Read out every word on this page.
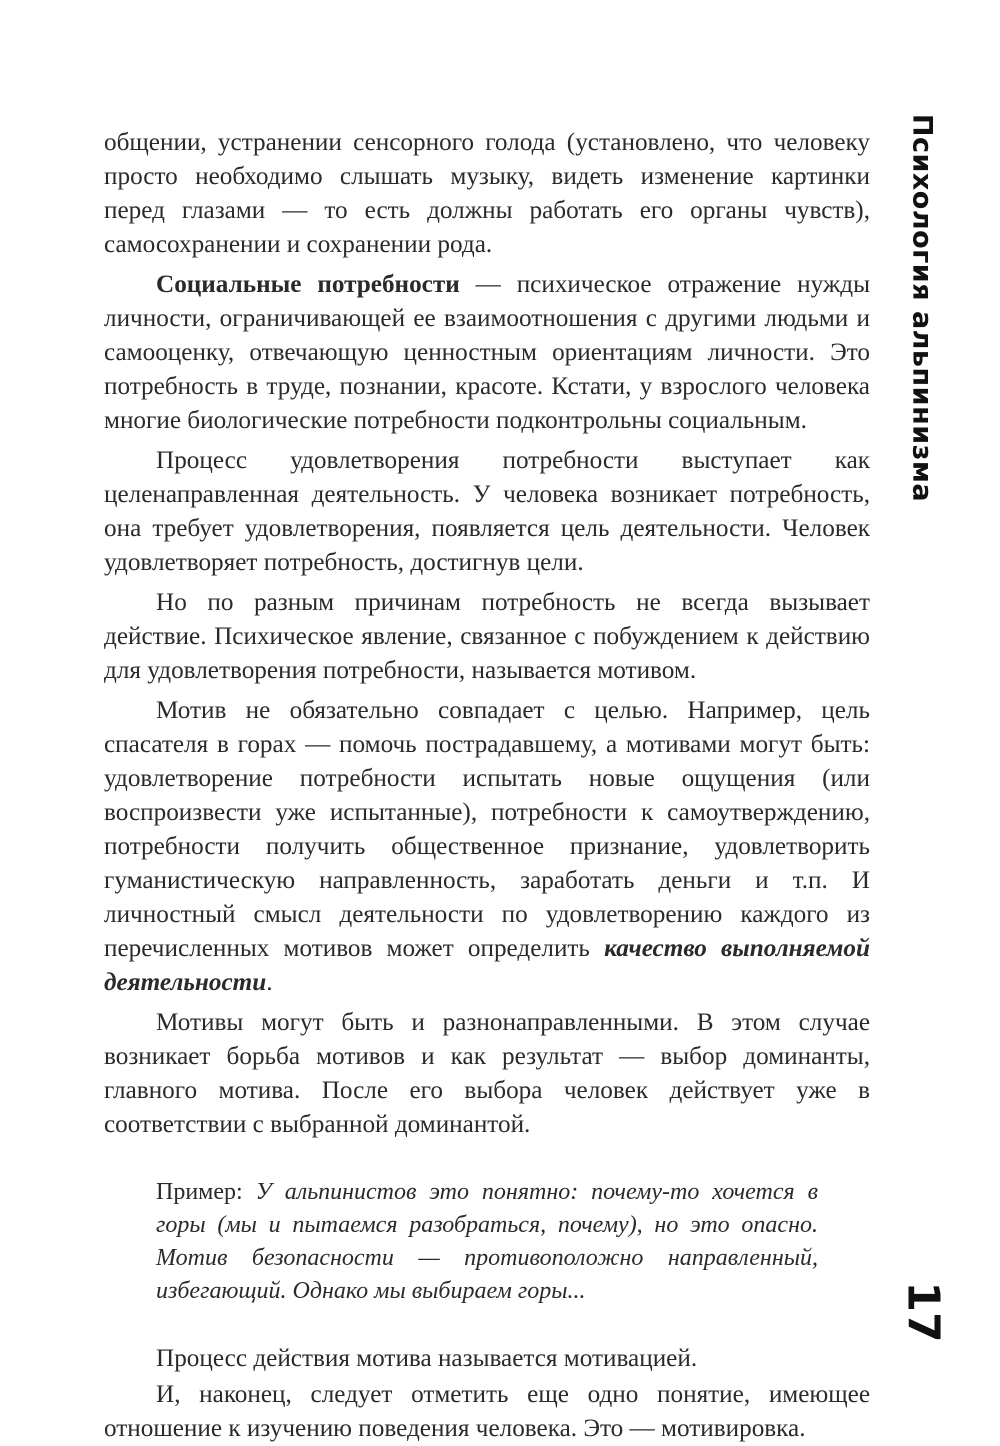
общении, устранении сенсорного голода (установлено, что человеку просто необходимо слышать музыку, видеть изменение картинки перед глазами — то есть должны работать его органы чувств), самосохранении и сохранении рода.

Социальные потребности — психическое отражение нужды личности, ограничивающей ее взаимоотношения с другими людьми и самооценку, отвечающую ценностным ориентациям личности. Это потребность в труде, познании, красоте. Кстати, у взрослого человека многие биологические потребности подконтрольны социальным.

Процесс удовлетворения потребности выступает как целенаправленная деятельность. У человека возникает потребность, она требует удовлетворения, появляется цель деятельности. Человек удовлетворяет потребность, достигнув цели.

Но по разным причинам потребность не всегда вызывает действие. Психическое явление, связанное с побуждением к действию для удовлетворения потребности, называется мотивом.

Мотив не обязательно совпадает с целью. Например, цель спасателя в горах — помочь пострадавшему, а мотивами могут быть: удовлетворение потребности испытать новые ощущения (или воспроизвести уже испытанные), потребности к самоутверждению, потребности получить общественное признание, удовлетворить гуманистическую направленность, заработать деньги и т.п. И личностный смысл деятельности по удовлетворению каждого из перечисленных мотивов может определить качество выполняемой деятельности.

Мотивы могут быть и разнонаправленными. В этом случае возникает борьба мотивов и как результат — выбор доминанты, главного мотива. После его выбора человек действует уже в соответствии с выбранной доминантой.

Пример: У альпинистов это понятно: почему-то хочется в горы (мы и пытаемся разобраться, почему), но это опасно. Мотив безопасности — противоположно направленный, избегающий. Однако мы выбираем горы...

Процесс действия мотива называется мотивацией.

И, наконец, следует отметить еще одно понятие, имеющее отношение к изучению поведения человека. Это — мотивировка.

Психология альпинизма
17
